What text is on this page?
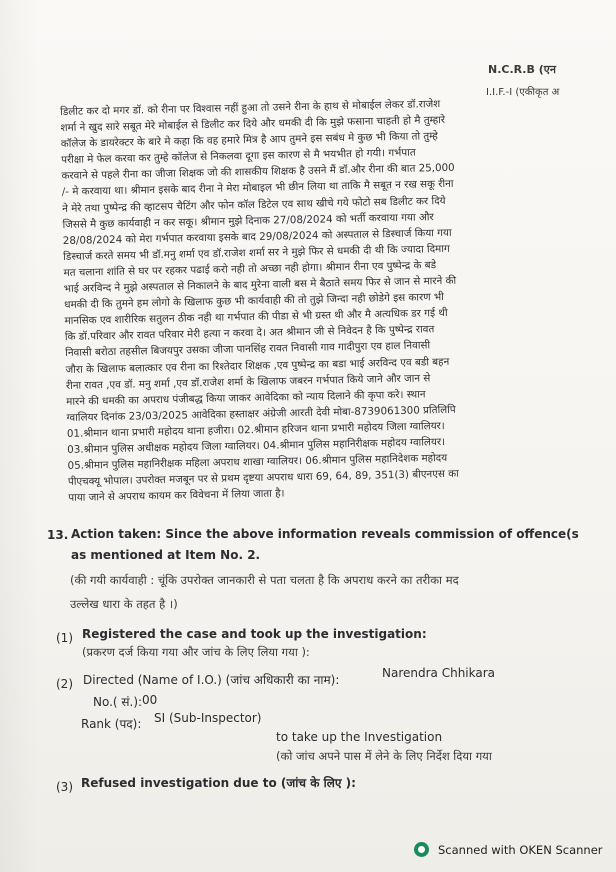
N.C.R.B (एन
I.I.F.-I (एकीकृत अ
डिलीट कर दो मगर डॉ. को रीना पर विश्वास नहीं हुआ तो उसने रीना के हाथ से मोबाईल लेकर डॉ.राजेश
शर्मा ने खुद सारे सबूत मेरे मोबाईल से डिलीट कर दिये और धमकी दी कि मुझे फसाना चाहती हो मै तुम्हारे
कॉलेज के डायरेक्टर के बारे मे कहा कि वह हमारे मित्र है आप तुमने इस सबंध मे कुछ भी किया तो तुम्हे
परीक्षा मे फेल करवा कर तुम्हे कॉलेज से निकलवा दूगा इस कारण से मै भयभीत हो गयी। गर्भपात
करवाने से पहले रीना का जीजा शिक्षक जो की शासकीय शिक्षक है उसने मैं डॉ.और रीना की बात 25,000
/- मे करवाया था। श्रीमान इसके बाद रीना ने मेरा मोबाइल भी छीन लिया था ताकि मै सबूत न रख सकू रीना
ने मेरे तथा पुष्पेन्द्र की व्हाटसप चैटिंग और फोन कॉल डिटेल एव साथ खीचे गये फोटो सब डिलीट कर दिये
जिससे मै कुछ कार्यवाही न कर सकू। श्रीमान मुझे दिनाक 27/08/2024 को भर्ती करवाया गया और
28/08/2024 को मेरा गर्भपात करवाया इसके बाद 29/08/2024 को अस्पताल से डिस्चार्ज किया गया
डिस्चार्ज करते समय भी डॉ.मनु शर्मा एव डॉ.राजेश शर्मा सर ने मुझे फिर से धमकी दी थी कि ज्यादा दिमाग
मत चलाना शांति से घर पर रहकर पढाई करो नही तो अच्छा नही होगा। श्रीमान रीना एव पुष्पेन्द्र के बडे
भाई अरविन्द ने मुझे अस्पताल से निकालने के बाद मुरेना वाली बस मे बैठाते समय फिर से जान से मारने की
धमकी दी कि तुमने हम लोगो के खिलाफ कुछ भी कार्यवाही की तो तुझे जिन्दा नही छोडेगे इस कारण भी
मानसिक एव शारीरिक सतुलन ठीक नही था गर्भपात की पीडा से भी ग्रस्त थी और मै अत्यधिक डर गई थी
कि डॉ.परिवार और रावत परिवार मेरी हत्या न करवा दे। अत श्रीमान जी से निवेदन है कि पुष्पेन्द्र रावत
निवासी बरोठा तहसील बिजयपुर उसका जीजा पानसिंह रावत निवासी गाव गादीपुरा एव हाल निवासी
जौरा के खिलाफ बलात्कार एव रीना का रिश्तेदार शिक्षक ,एव पुष्पेन्द्र का बडा भाई अरविन्द एव बडी बहन
रीना रावत ,एव डॉ. मनु शर्मा ,एव डॉ.राजेश शर्मा के खिलाफ जबरन गर्भपात किये जाने और जान से
मारने की धमकी का अपराध पंजीबद्ध किया जाकर आवेदिका को न्याय दिलाने की कृपा करे। स्थान
ग्वालियर दिनांक 23/03/2025 आवेदिका हस्ताक्षर अंग्रेजी आरती देवी मोबा-8739061300 प्रतिलिपि
01.श्रीमान थाना प्रभारी महोदय थाना हजीरा। 02.श्रीमान हरिजन थाना प्रभारी महोदय जिला ग्वालियर।
03.श्रीमान पुलिस अधीक्षक महोदय जिला ग्वालियर। 04.श्रीमान पुलिस महानिरीक्षक महोदय ग्वालियर।
05.श्रीमान पुलिस महानिरीक्षक महिला अपराध शाखा ग्वालियर। 06.श्रीमान पुलिस महानिदेशक महोदय
पीएचक्यू भोपाल। उपरोक्त मजबून पर से प्रथम दृष्टया अपराध धारा 69, 64, 89, 351(3) बीएनएस का
पाया जाने से अपराध कायम कर विवेचना में लिया जाता है।
13. Action taken: Since the above information reveals commission of offence(s
as mentioned at Item No. 2.
(की गयी कार्यवाही : चूंकि उपरोक्त जानकारी से पता चलता है कि अपराध करने का तरीका मद
उल्लेख धारा के तहत है ।)
(1) Registered the case and took up the investigation:
(प्रकरण दर्ज किया गया और जांच के लिए लिया गया ):
(2) Directed (Name of I.O.) (जांच अधिकारी का नाम):	Narendra Chhikara
No.( सं.): 00
Rank (पद): SI (Sub-Inspector)
to take up the Investigation
(को जांच अपने पास में लेने के लिए निर्देश दिया गया
(3) Refused investigation due to (जांच के लिए ):
Scanned with OKEN Scanner
